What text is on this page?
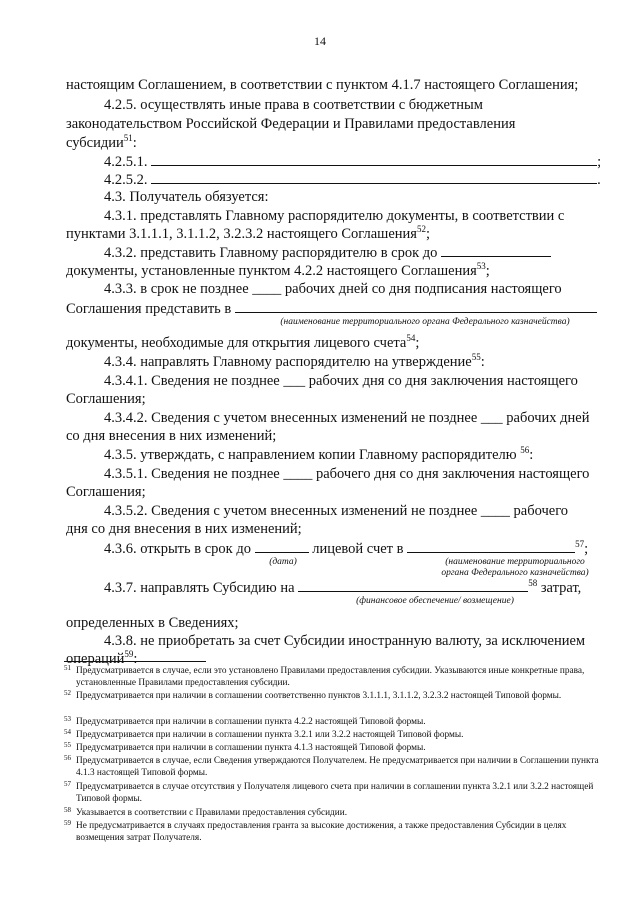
14
настоящим Соглашением, в соответствии с пунктом 4.1.7 настоящего Соглашения;
4.2.5. осуществлять иные права в соответствии с бюджетным
законодательством Российской Федерации и Правилами предоставления
субсидии$^{51}$:
4.2.5.1.	;
4.2.5.2.	.
4.3. Получатель обязуется:
4.3.1. представлять Главному распорядителю документы, в соответствии с
пунктами 3.1.1.1, 3.1.1.2, 3.2.3.2 настоящего Соглашения$^{52}$;
4.3.2. представить Главному распорядителю в срок до
документы, установленные пунктом 4.2.2 настоящего Соглашения$^{53}$;
4.3.3. в срок не позднее ____ рабочих дней со дня подписания настоящего
Соглашения представить в
(наименование территориального органа Федерального казначейства)
документы, необходимые для открытия лицевого счета$^{54}$;
4.3.4. направлять Главному распорядителю на утверждение$^{55}$:
4.3.4.1. Сведения не позднее ___ рабочих дня со дня заключения настоящего
Соглашения;
4.3.4.2. Сведения с учетом внесенных изменений не позднее ___ рабочих дней
со дня внесения в них изменений;
4.3.5. утверждать, с направлением копии Главному распорядителю $^{56}$:
4.3.5.1. Сведения не позднее ____ рабочего дня со дня заключения настоящего
Соглашения;
4.3.5.2. Сведения с учетом внесенных изменений не позднее ____ рабочего
дня со дня внесения в них изменений;
4.3.6. открыть в срок до	лицевой счет в	$^{57}$;
(дата)	(наименование территориального
органа Федерального казначейства)
4.3.7. направлять Субсидию на	$^{58}$ затрат,
(финансовое обеспечение/ возмещение)
определенных в Сведениях;
4.3.8. не приобретать за счет Субсидии иностранную валюту, за исключением
операций$^{59}$:
51 Предусматривается в случае, если это установлено Правилами предоставления субсидии. Указываются иные конкретные права, установленные Правилами предоставления субсидии.
52 Предусматривается при наличии в соглашении соответственно пунктов 3.1.1.1, 3.1.1.2, 3.2.3.2 настоящей Типовой формы.
53 Предусматривается при наличии в соглашении пункта 4.2.2 настоящей Типовой формы.
54 Предусматривается при наличии в соглашении пункта 3.2.1 или 3.2.2 настоящей Типовой формы.
55 Предусматривается при наличии в соглашении пункта 4.1.3 настоящей Типовой формы.
56 Предусматривается в случае, если Сведения утверждаются Получателем. Не предусматривается при наличии в Соглашении пункта 4.1.3 настоящей Типовой формы.
57 Предусматривается в случае отсутствия у Получателя лицевого счета при наличии в соглашении пункта 3.2.1 или 3.2.2 настоящей Типовой формы.
58 Указывается в соответствии с Правилами предоставления субсидии.
59 Не предусматривается в случаях предоставления гранта за высокие достижения, а также предоставления Субсидии в целях возмещения затрат Получателя.
